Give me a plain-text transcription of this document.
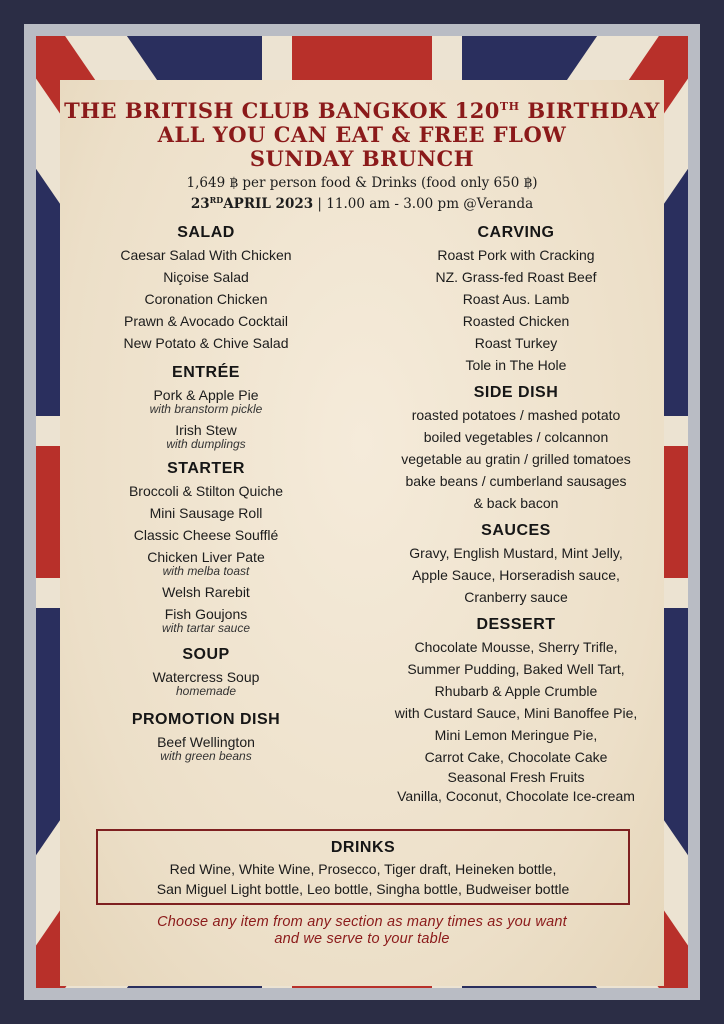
THE BRITISH CLUB BANGKOK 120TH BIRTHDAY
ALL YOU CAN EAT & FREE FLOW
SUNDAY BRUNCH
1,649 ฿ per person food & Drinks (food only 650 ฿)
23RDAPRIL 2023 | 11.00 am - 3.00 pm @Veranda
SALAD
Caesar Salad With Chicken
Niçoise Salad
Coronation Chicken
Prawn & Avocado Cocktail
New Potato & Chive Salad
ENTRÉE
Pork & Apple Pie
with branstorm pickle
Irish Stew
with dumplings
STARTER
Broccoli & Stilton Quiche
Mini Sausage Roll
Classic Cheese Soufflé
Chicken Liver Pate
with melba toast
Welsh Rarebit
Fish Goujons
with tartar sauce
SOUP
Watercress Soup
homemade
PROMOTION DISH
Beef Wellington
with green beans
CARVING
Roast Pork with Cracking
NZ. Grass-fed Roast Beef
Roast Aus. Lamb
Roasted Chicken
Roast Turkey
Tole in The Hole
SIDE DISH
roasted potatoes / mashed potato
boiled vegetables / colcannon
vegetable au gratin / grilled tomatoes
bake beans / cumberland sausages
& back bacon
SAUCES
Gravy, English Mustard, Mint Jelly,
Apple Sauce, Horseradish sauce,
Cranberry sauce
DESSERT
Chocolate Mousse, Sherry Trifle,
Summer Pudding, Baked Well Tart,
Rhubarb & Apple Crumble
with Custard Sauce, Mini Banoffee Pie,
Mini Lemon Meringue Pie,
Carrot Cake, Chocolate Cake
Seasonal Fresh Fruits
Vanilla, Coconut, Chocolate Ice-cream
DRINKS
Red Wine, White Wine, Prosecco, Tiger draft, Heineken bottle,
San Miguel Light bottle, Leo bottle, Singha bottle, Budweiser bottle
Choose any item from any section as many times as you want
and we serve to your table
